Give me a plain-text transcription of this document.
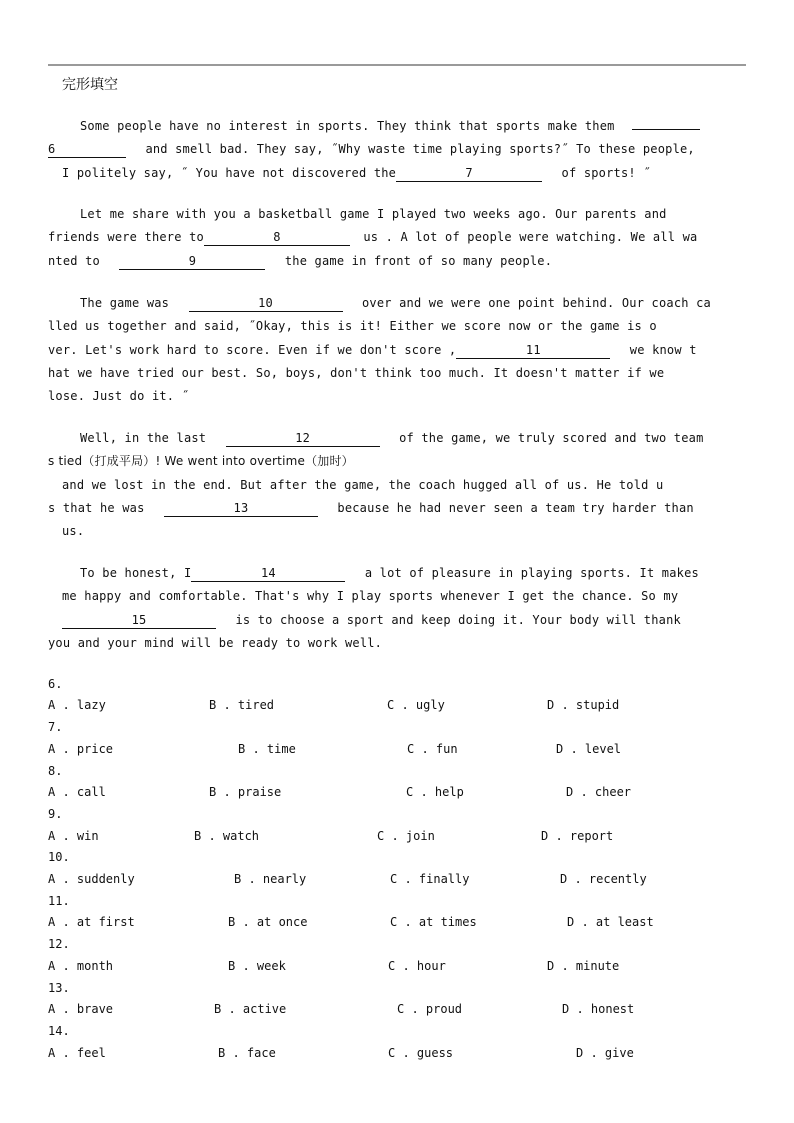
完形填空
Some people have no interest in sports. They think that sports make them
6	and smell bad. They say, ˝Why waste time playing sports?˝ To these people,
I politely say, ˝ You have not discovered the	7	of sports! ˝
Let me share with you a basketball game I played two weeks ago. Our parents and
friends were there to	8	us . A lot of people were watching. We all wa
nted to	9	the game in front of so many people.
The game was	10	over and we were one point behind. Our coach ca
lled us together and said, ˝Okay, this is it! Either we score now or the game is o
ver. Let's work hard to score. Even if we don't score ,	11	we know t
hat we have tried our best. So, boys, don't think too much. It doesn't matter if we
lose. Just do it. ˝
Well, in the last	12	of the game, we truly scored and two team
s tied（打成平局）! We went into overtime（加时）
and we lost in the end. But after the game, the coach hugged all of us. He told u
s that he was	13	because he had never seen a team try harder than
us.
To be honest, I	14	a lot of pleasure in playing sports. It makes
me happy and comfortable. That's why I play sports whenever I get the chance. So my
15	is to choose a sport and keep doing it. Your body will thank
you and your mind will be ready to work well.
6.
A . lazy	B . tired	C . ugly	D . stupid
7.
A . price	B . time	C . fun	D . level
8.
A . call	B . praise	C . help	D . cheer
9.
A . win	B . watch	C . join	D . report
10.
A . suddenly	B . nearly	C . finally	D . recently
11.
A . at first	B . at once	C . at times	D . at least
12.
A . month	B . week	C . hour	D . minute
13.
A . brave	B . active	C . proud	D . honest
14.
A . feel	B . face	C . guess	D . give
